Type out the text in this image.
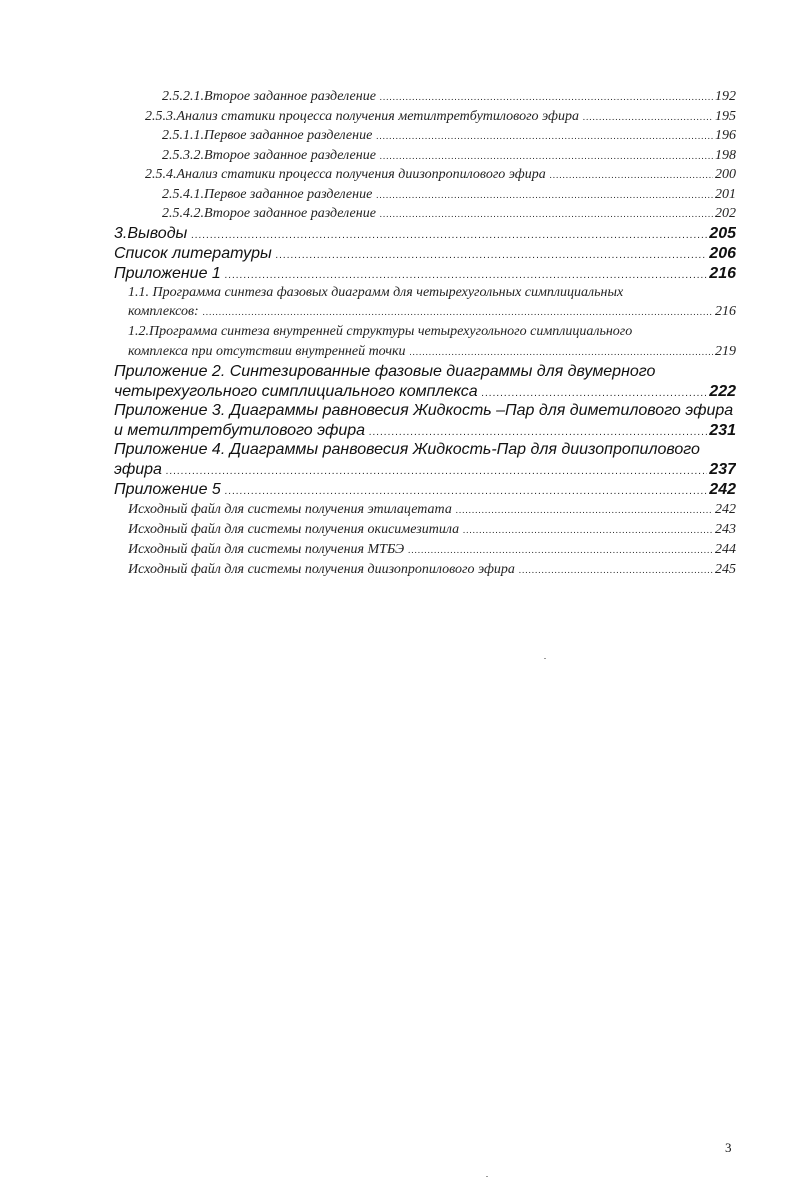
2.5.2.1.Второе заданное разделение .....	192
2.5.3.Анализ статики процесса получения метилтретбутилового эфира .....	195
2.5.1.1.Первое заданное разделение .....	196
2.5.3.2.Второе заданное разделение .....	198
2.5.4.Анализ статики процесса получения диизопропилового эфира .....	200
2.5.4.1.Первое заданное разделение .....	201
2.5.4.2.Второе заданное разделение .....	202
3.Выводы .....	205
Список литературы .....	206
Приложение 1 .....	216
1.1. Программа синтеза фазовых диаграмм для четырехугольных симплициальных
комплексов: .....	216
1.2.Программа синтеза внутренней структуры четырехугольного симплициального
комплекса при отсутствии внутренней точки .....	219
Приложение 2. Синтезированные фазовые диаграммы для двумерного
четырехугольного симплициального комплекса .....	222
Приложение 3. Диаграммы равновесия Жидкость –Пар для диметилового эфира
и метилтретбутилового эфира .....	231
Приложение 4. Диаграммы ранвовесия Жидкость-Пар для диизопропилового
эфира .....	237
Приложение 5 .....	242
Исходный файл для системы получения этилацетата .....	242
Исходный файл для системы получения окисимезитила .....	243
Исходный файл для системы получения МТБЭ .....	244
Исходный файл для системы получения диизопропилового эфира .....	245
3
